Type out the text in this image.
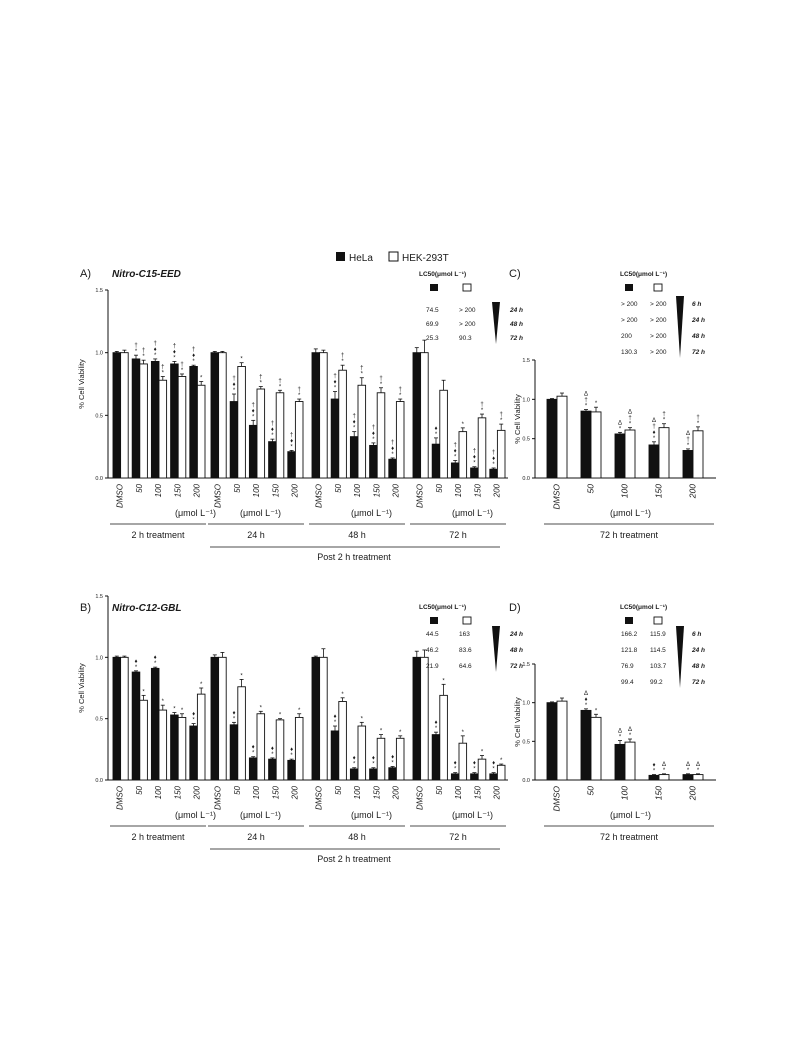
HeLa	HEK-293T
A) Nitro-C15-EED
0.0
0.5
1.0
1.5
% Cell Viability
DMSO
†
* †
*
50
†
♦
*
†
*
100
†
♦
*
†
*
150
†
♦
*
*
200
2 h treatment
DMSO
†
♦
*
*
50
†
♦
*
†
*
100
†
♦
*
†
*
150
†
♦
*
†
*
200
24 h
DMSO
†
♦
*
†
*
50
†
♦
*
†
*
100
†
♦
*
†
*
150
†
♦
*
†
*
200
48 h
DMSO
♦
*
50
†
♦
*
*
100
†
♦
*
†
*
150
†
♦
*
†
*
200
72 h
(μmol L⁻¹)	(μmol L⁻¹)	(μmol L⁻¹)	(μmol L⁻¹)
Post 2 h treatment
LC50(μmol L⁻¹)
74.5	> 200	24 h
69.9	> 200	48 h
25.3	90.3	72 h
C)
0.0
0.5
1.0
1.5
% Cell Viability
DMSO
Δ
†
* *
50
Δ
*
Δ
†
*
100
Δ
†
♦
*
†
*
150
Δ
†
*
†
*
200
72 h treatment
(μmol L⁻¹)
LC50(μmol L⁻¹)
> 200 > 200	6 h
> 200 > 200	24 h
200	> 200	48 h
130.3 > 200	72 h
B) Nitro-C12-GBL
0.0
0.5
1.0
1.5
% Cell Viability
DMSO
♦
*
*
50
♦
*
*
100
* *
150
♦
*
*
200
2 h treatment
DMSO
♦
*
*
50
♦
*
*
100
♦
*
*
150
♦
*
*
200
24 h
DMSO
♦
*
*
50
♦
*
*
100
♦
*
*
150
♦
*
*
200
48 h
DMSO
♦
*
*
50
♦
*
*
100
♦
*
*
150
♦
*
*
200
72 h
(μmol L⁻¹)	(μmol L⁻¹)	(μmol L⁻¹)	(μmol L⁻¹)
Post 2 h treatment
LC50(μmol L⁻¹)
44.5	163	24 h
46.2	83.6	48 h
21.9	64.6	72 h
D)
0.0
0.5
1.0
1.5
% Cell Viability
DMSO
Δ
♦
*
*
50
Δ
*
Δ
*
100
♦
*
Δ
*
150
Δ
*
Δ
*
200
72 h treatment
(μmol L⁻¹)
LC50(μmol L⁻¹)
166.2 115.9	6 h
121.8 114.5	24 h
76.9	103.7	48 h
99.4	99.2	72 h
